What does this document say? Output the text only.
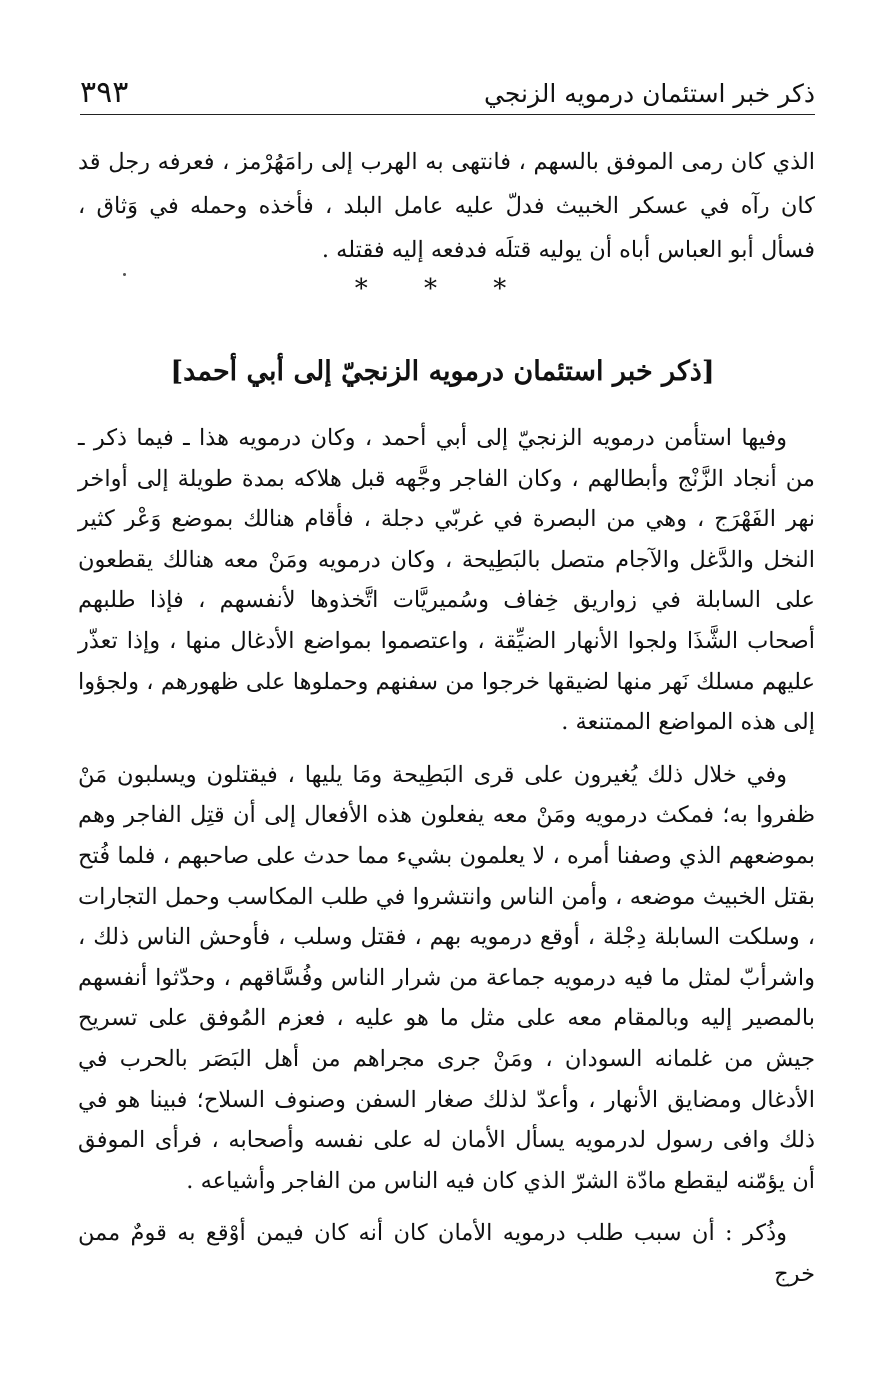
ذكر خبر استئمان درمويه الزنجي
٣٩٣

الذي كان رمى الموفق بالسهم ، فانتهى به الهرب إلى رامَهُرْمز ، فعرفه رجل قد كان رآه في عسكر الخبيث فدلّ عليه عامل البلد ، فأخذه وحمله في وَثاق ، فسأل أبو العباس أباه أن يوليه قتلَه فدفعه إليه فقتله .

* * *
[ذكر خبر استئمان درمويه الزنجيّ إلى أبي أحمد]

وفيها استأمن درمويه الزنجيّ إلى أبي أحمد ، وكان درمويه هذا ـ فيما ذكر ـ من أنجاد الزَّنْج وأبطالهم ، وكان الفاجر وجَّهه قبل هلاكه بمدة طويلة إلى أواخر نهر الفَهْرَج ، وهي من البصرة في غربّي دجلة ، فأقام هنالك بموضع وَعْر كثير النخل والدَّغل والآجام متصل بالبَطِيحة ، وكان درمويه ومَنْ معه هنالك يقطعون على السابلة في زواريق خِفاف وسُميريَّات اتَّخذوها لأنفسهم ، فإذا طلبهم أصحاب الشَّذَا ولجوا الأنهار الضيِّقة ، واعتصموا بمواضع الأدغال منها ، وإذا تعذّر عليهم مسلك نَهر منها لضيقها خرجوا من سفنهم وحملوها على ظهورهم ، ولجؤوا إلى هذه المواضع الممتنعة .

وفي خلال ذلك يُغيرون على قرى البَطِيحة ومَا يليها ، فيقتلون ويسلبون مَنْ ظفروا به؛ فمكث درمويه ومَنْ معه يفعلون هذه الأفعال إلى أن قتِل الفاجر وهم بموضعهم الذي وصفنا أمره ، لا يعلمون بشيء مما حدث على صاحبهم ، فلما فُتح بقتل الخبيث موضعه ، وأمن الناس وانتشروا في طلب المكاسب وحمل التجارات ، وسلكت السابلة دِجْلة ، أوقع درمويه بهم ، فقتل وسلب ، فأوحش الناس ذلك ، واشرأبّ لمثل ما فيه درمويه جماعة من شرار الناس وفُسَّاقهم ، وحدّثوا أنفسهم بالمصير إليه وبالمقام معه على مثل ما هو عليه ، فعزم المُوفق على تسريح جيش من غلمانه السودان ، ومَنْ جرى مجراهم من أهل البَصَر بالحرب في الأدغال ومضايق الأنهار ، وأعدّ لذلك صغار السفن وصنوف السلاح؛ فبينا هو في ذلك وافى رسول لدرمويه يسأل الأمان له على نفسه وأصحابه ، فرأى الموفق أن يؤمّنه ليقطع مادّة الشرّ الذي كان فيه الناس من الفاجر وأشياعه .

وذُكر : أن سبب طلب درمويه الأمان كان أنه كان فيمن أوْقع به قومٌ ممن خرج
